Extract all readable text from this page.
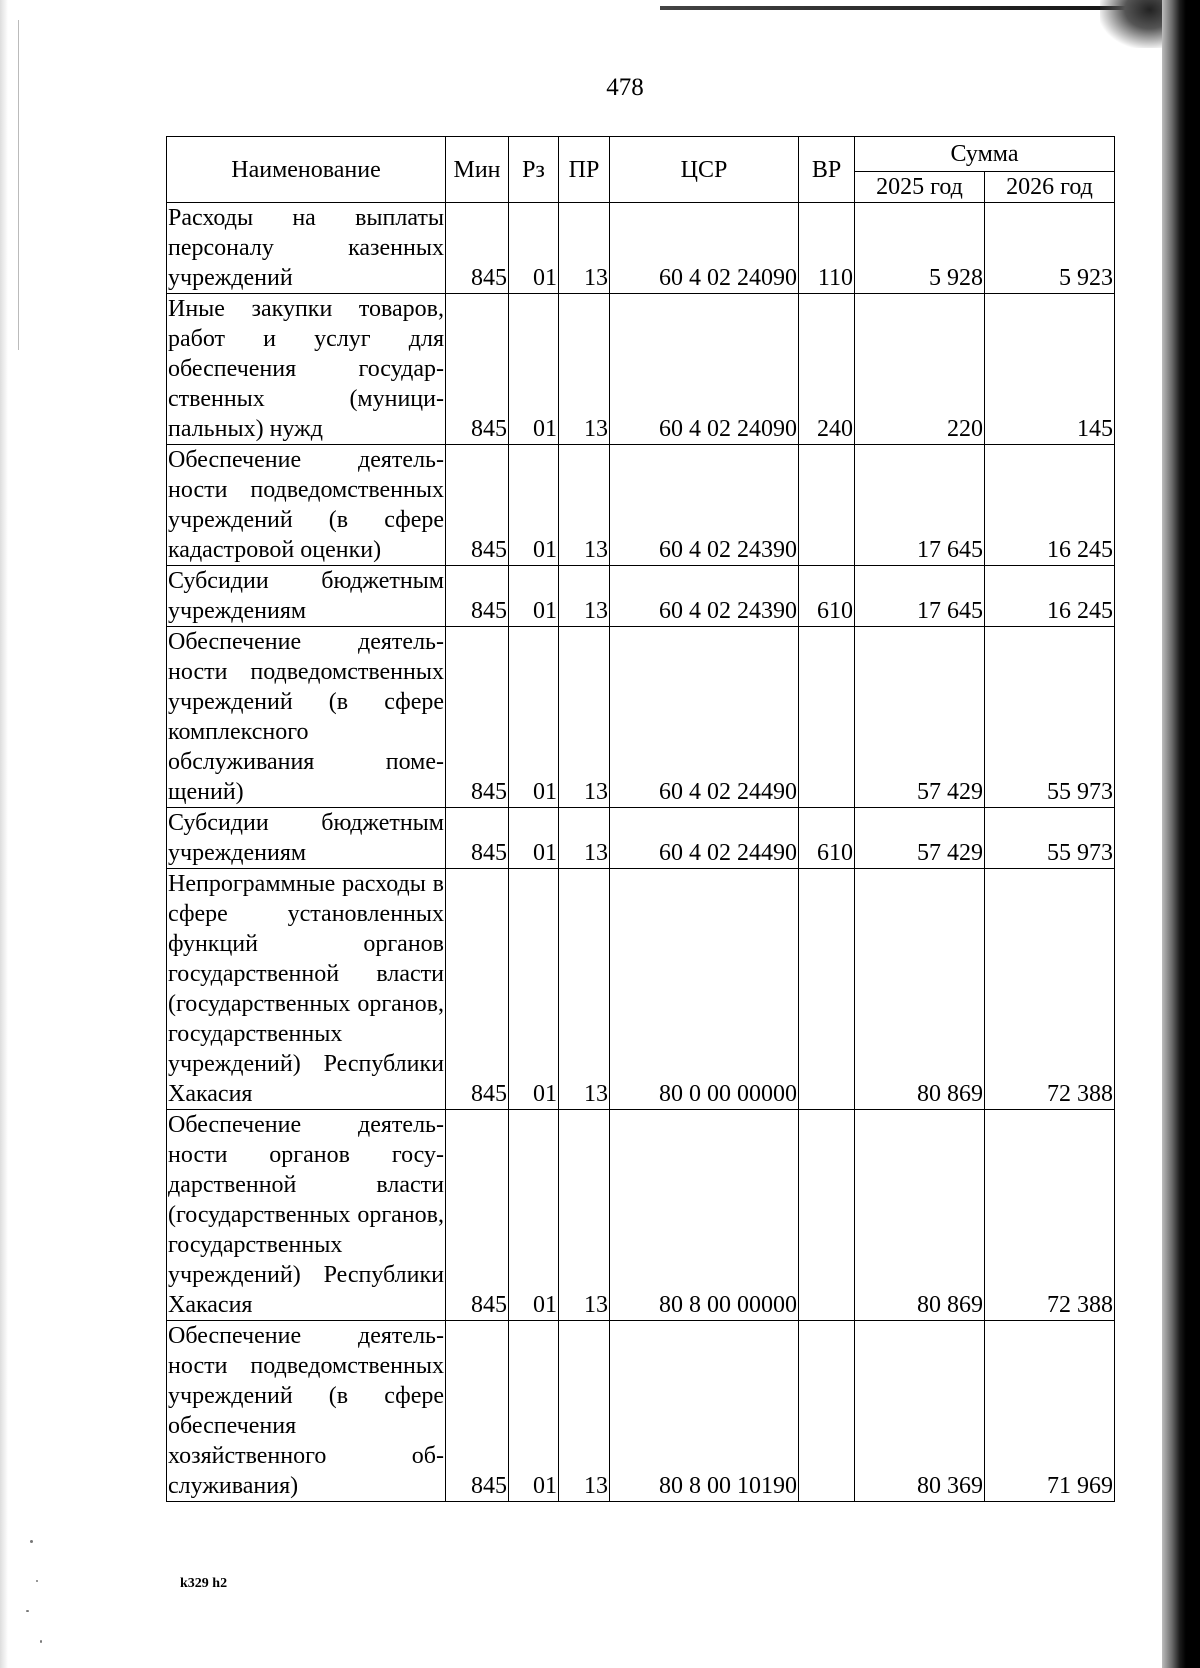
478
Наименование	Мин	Рз	ПР	ЦСР	ВР	Сумма	
						2025 год	2026 год
Расходы на выплаты персоналу казенных учреждений	845	01	13	60 4 02 24090	110	5 928	5 923
Иные закупки товаров, работ и услуг для обеспечения государственных (муниципальных) нужд	845	01	13	60 4 02 24090	240	220	145
Обеспечение деятельности подведомственных учреждений (в сфере кадастровой оценки)	845	01	13	60 4 02 24390		17 645	16 245
Субсидии бюджетным учреждениям	845	01	13	60 4 02 24390	610	17 645	16 245
Обеспечение деятельности подведомственных учреждений (в сфере комплексного обслуживания помещений)	845	01	13	60 4 02 24490		57 429	55 973
Субсидии бюджетным учреждениям	845	01	13	60 4 02 24490	610	57 429	55 973
Непрограммные расходы в сфере установленных функций органов государственной власти (государственных органов, государственных учреждений) Республики Хакасия	845	01	13	80 0 00 00000		80 869	72 388
Обеспечение деятельности органов государственной власти (государственных органов, государственных учреждений) Республики Хакасия	845	01	13	80 8 00 00000		80 869	72 388
Обеспечение деятельности подведомственных учреждений (в сфере обеспечения хозяйственного обслуживания)	845	01	13	80 8 00 10190		80 369	71 969
k329 h2
